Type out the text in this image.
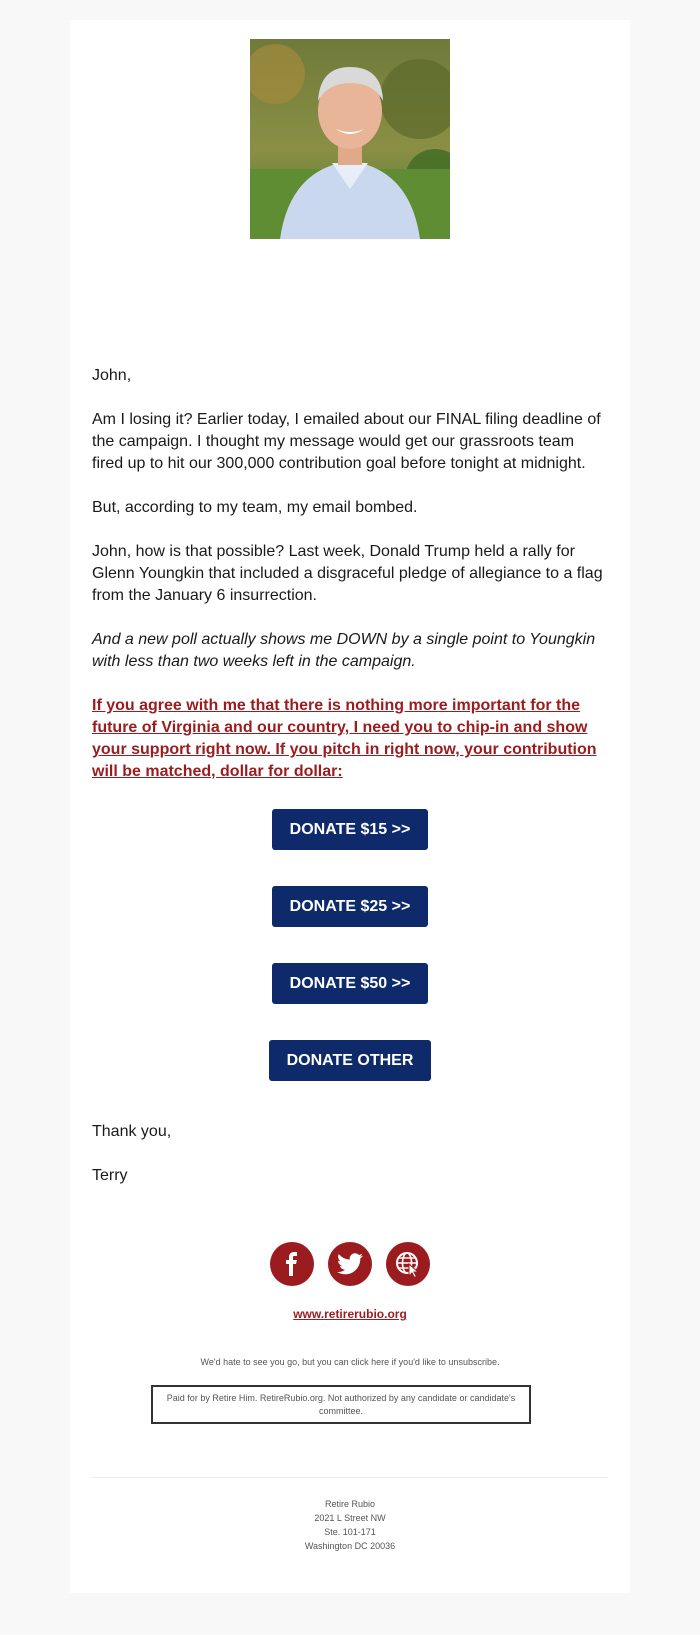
John,

Am I losing it? Earlier today, I emailed about our FINAL filing deadline of the campaign. I thought my message would get our grassroots team fired up to hit our 300,000 contribution goal before tonight at midnight.

But, according to my team, my email bombed.

John, how is that possible? Last week, Donald Trump held a rally for Glenn Youngkin that included a disgraceful pledge of allegiance to a flag from the January 6 insurrection.

And a new poll actually shows me DOWN by a single point to Youngkin with less than two weeks left in the campaign.

If you agree with me that there is nothing more important for the future of Virginia and our country, I need you to chip-in and show your support right now. If you pitch in right now, your contribution will be matched, dollar for dollar:

DONATE $15 >>
DONATE $25 >>
DONATE $50 >>
DONATE OTHER

Thank you,

Terry

www.retirerubio.org
We'd hate to see you go, but you can click here if you'd like to unsubscribe.
Paid for by Retire Him. RetireRubio.org. Not authorized by any candidate or candidate's committee.
Retire Rubio
2021 L Street NW
Ste. 101-171
Washington DC 20036
